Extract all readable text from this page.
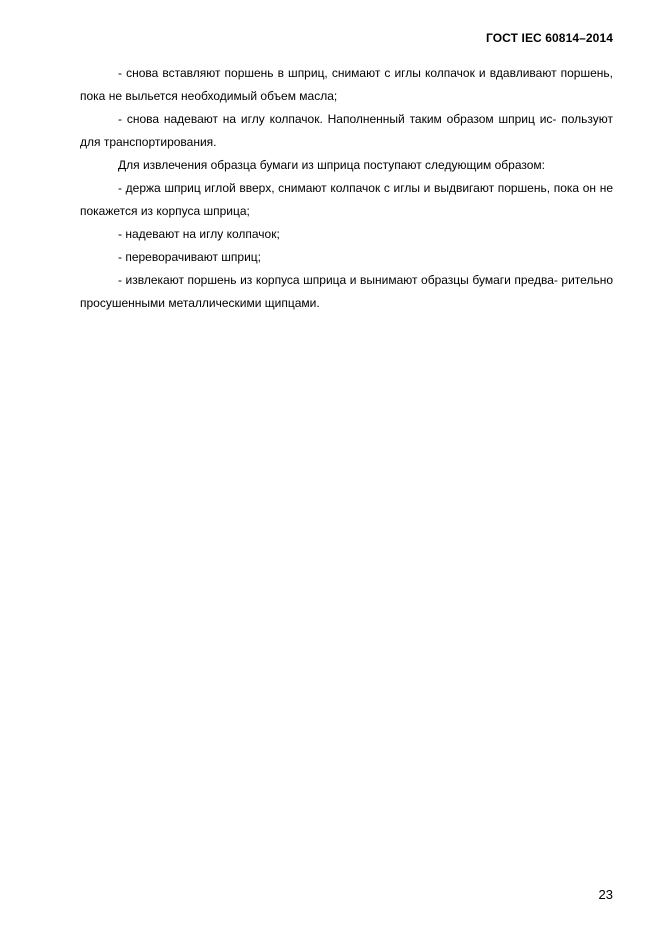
ГОСТ IEC 60814–2014

- снова вставляют поршень в шприц, снимают с иглы колпачок и вдавливают поршень, пока не выльется необходимый объем масла;

- снова надевают на иглу колпачок. Наполненный таким образом шприц ис- пользуют для транспортирования.

Для извлечения образца бумаги из шприца поступают следующим образом:

- держа шприц иглой вверх, снимают колпачок с иглы и выдвигают поршень, пока он не покажется из корпуса шприца;

- надевают на иглу колпачок;

- переворачивают шприц;

- извлекают поршень из корпуса шприца и вынимают образцы бумаги предва- рительно просушенными металлическими щипцами.

23
